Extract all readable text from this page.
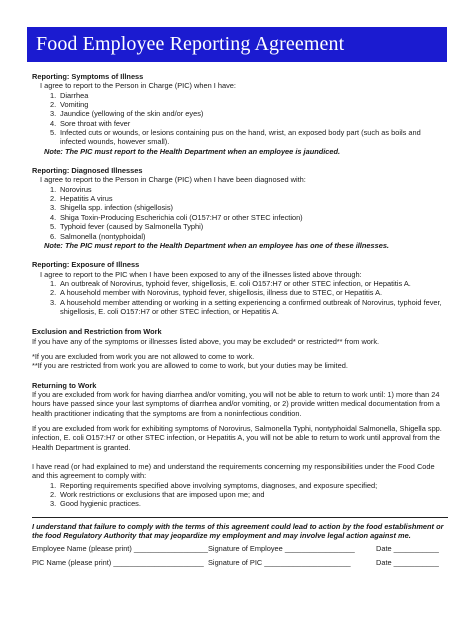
Food Employee Reporting Agreement
Reporting: Symptoms of Illness
I agree to report to the Person in Charge (PIC) when I have:
1. Diarrhea
2. Vomiting
3. Jaundice (yellowing of the skin and/or eyes)
4. Sore throat with fever
5. Infected cuts or wounds, or lesions containing pus on the hand, wrist, an exposed body part (such as boils and infected wounds, however small).
Note: The PIC must report to the Health Department when an employee is jaundiced.
Reporting: Diagnosed Illnesses
I agree to report to the Person in Charge (PIC) when I have been diagnosed with:
1. Norovirus
2. Hepatitis A virus
3. Shigella spp. infection (shigellosis)
4. Shiga Toxin-Producing Escherichia coli (O157:H7 or other STEC infection)
5. Typhoid fever (caused by Salmonella Typhi)
6. Salmonella (nontyphoidal)
Note: The PIC must report to the Health Department when an employee has one of these illnesses.
Reporting: Exposure of Illness
I agree to report to the PIC when I have been exposed to any of the illnesses listed above through:
1. An outbreak of Norovirus, typhoid fever, shigellosis, E. coli O157:H7 or other STEC infection, or Hepatitis A.
2. A household member with Norovirus, typhoid fever, shigellosis, illness due to STEC, or Hepatitis A.
3. A household member attending or working in a setting experiencing a confirmed outbreak of Norovirus, typhoid fever, shigellosis, E. coli O157:H7 or other STEC infection, or Hepatitis A.
Exclusion and Restriction from Work
If you have any of the symptoms or illnesses listed above, you may be excluded* or restricted** from work.
*If you are excluded from work you are not allowed to come to work.
**If you are restricted from work you are allowed to come to work, but your duties may be limited.
Returning to Work
If you are excluded from work for having diarrhea and/or vomiting, you will not be able to return to work until: 1) more than 24 hours have passed since your last symptoms of diarrhea and/or vomiting, or 2) provide written medical documentation from a health practitioner indicating that the symptoms are from a noninfectious condition.
If you are excluded from work for exhibiting symptoms of Norovirus, Salmonella Typhi, nontyphoidal Salmonella, Shigella spp. infection, E. coli O157:H7 or other STEC infection, or Hepatitis A, you will not be able to return to work until approval from the Health Department is granted.
I have read (or had explained to me) and understand the requirements concerning my responsibilities under the Food Code and this agreement to comply with:
1. Reporting requirements specified above involving symptoms, diagnoses, and exposure specified;
2. Work restrictions or exclusions that are imposed upon me; and
3. Good hygienic practices.
I understand that failure to comply with the terms of this agreement could lead to action by the food establishment or the food Regulatory Authority that may jeopardize my employment and may involve legal action against me.
Employee Name (please print) __________________ Signature of Employee _________________	Date ___________
PIC Name (please print) ______________________ Signature of PIC _____________________	Date ___________
